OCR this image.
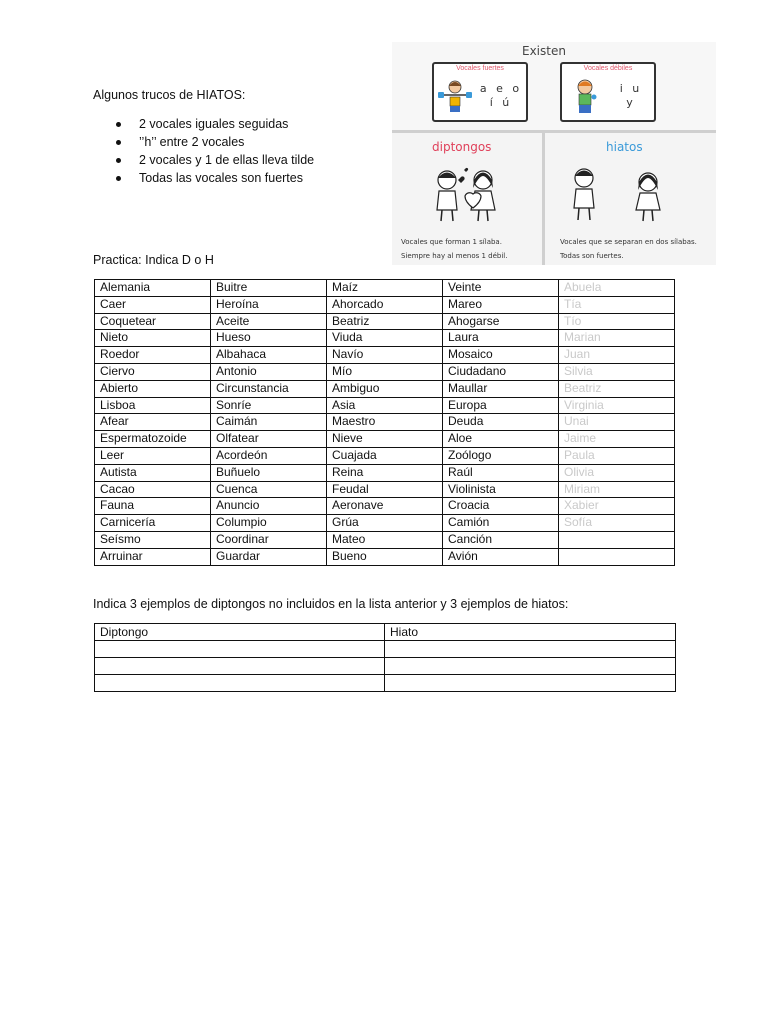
Algunos trucos de HIATOS:
2 vocales iguales seguidas
’’h’’ entre 2 vocales
2 vocales y 1 de ellas lleva tilde
Todas las vocales son fuertes
Existen
Vocales fuertes
a e o í ú
Vocales débiles
i u y
diptongos	hiatos
Vocales que forman 1 sílaba.
Siempre hay al menos 1 débil.
Vocales que se separan en dos sílabas.
Todas son fuertes.
Practica: Indica D o H
Alemania	Buitre	Maíz	Veinte	Abuela
Caer	Heroína	Ahorcado	Mareo	Tía
Coquetear	Aceite	Beatriz	Ahogarse	Tío
Nieto	Hueso	Viuda	Laura	Marian
Roedor	Albahaca	Navío	Mosaico	Juan
Ciervo	Antonio	Mío	Ciudadano	Silvia
Abierto	Circunstancia	Ambiguo	Maullar	Beatriz
Lisboa	Sonríe	Asia	Europa	Virginia
Afear	Caimán	Maestro	Deuda	Unai
Espermatozoide	Olfatear	Nieve	Aloe	Jaime
Leer	Acordeón	Cuajada	Zoólogo	Paula
Autista	Buñuelo	Reina	Raúl	Olivia
Cacao	Cuenca	Feudal	Violinista	Miriam
Fauna	Anuncio	Aeronave	Croacia	Xabier
Carnicería	Columpio	Grúa	Camión	Sofía
Seísmo	Coordinar	Mateo	Canción	
Arruinar	Guardar	Bueno	Avión	
Indica 3 ejemplos de diptongos no incluidos en la lista anterior y 3 ejemplos de hiatos:
Diptongo	Hiato
